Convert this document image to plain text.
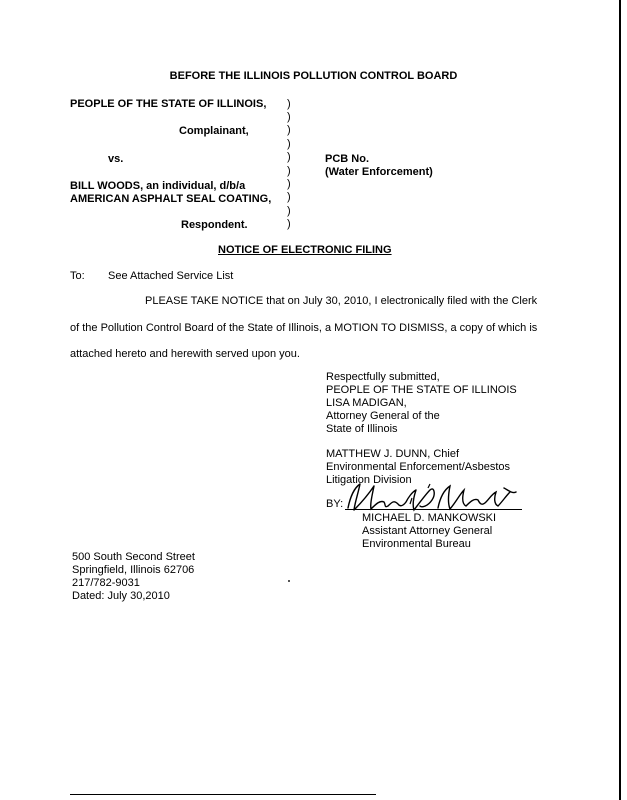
BEFORE THE ILLINOIS POLLUTION CONTROL BOARD
PEOPLE OF THE STATE OF ILLINOIS,
Complainant,
vs.
BILL WOODS, an individual, d/b/a
AMERICAN ASPHALT SEAL COATING,
Respondent.
)
)
)
)
)
)
)
)
)
)
PCB No.
(Water Enforcement)
NOTICE OF ELECTRONIC FILING
To: See Attached Service List
PLEASE TAKE NOTICE that on July 30, 2010, I electronically filed with the Clerk
of the Pollution Control Board of the State of Illinois, a MOTION TO DISMISS, a copy of which is
attached hereto and herewith served upon you.
Respectfully submitted,
PEOPLE OF THE STATE OF ILLINOIS
LISA MADIGAN,
Attorney General of the
State of Illinois
MATTHEW J. DUNN, Chief
Environmental Enforcement/Asbestos
Litigation Division
BY:
MICHAEL D. MANKOWSKI
Assistant Attorney General
Environmental Bureau
500 South Second Street
Springfield, Illinois 62706
217/782-9031
Dated: July 30,2010
